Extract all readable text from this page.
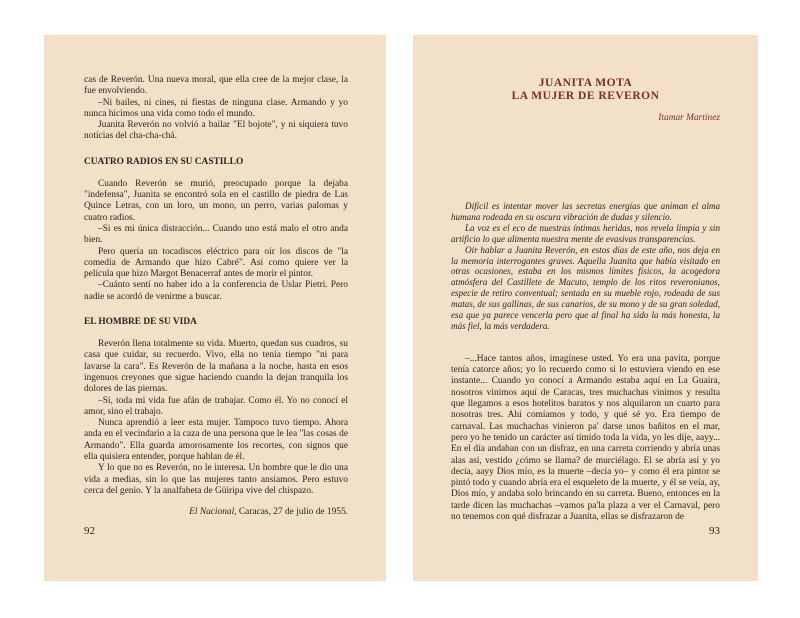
cas de Reverón. Una nueva moral, que ella cree de la mejor clase, la fue envolviendo.

–Ni bailes, ni cines, ni fiestas de ninguna clase. Armando y yo nunca hicimos una vida como todo el mundo.

Juanita Reverón no volvió a bailar "El bojote", y ni siquiera tuvo noticias del cha-cha-chá.

CUATRO RADIOS EN SU CASTILLO

Cuando Reverón se murió, preocupado porque la dejaba "indefensa", Juanita se encontró sola en el castillo de piedra de Las Quince Letras, con un loro, un mono, un perro, varias palomas y cuatro radios.

–Si es mi única distracción... Cuando uno está malo el otro anda bien.

Pero quería un tocadiscos eléctrico para oír los discos de "la comedia de Armando que hizo Cabré". Así como quiere ver la película que hizo Margot Benacerraf antes de morir el pintor.

–Cuánto sentí no haber ido a la conferencia de Uslar Pietri. Pero nadie se acordó de venirme a buscar.

EL HOMBRE DE SU VIDA

Reverón llena totalmente su vida. Muerto, quedan sus cuadros, su casa que cuidar, su recuerdo. Vivo, ella no tenía tiempo "ni para lavarse la cara". Es Reverón de la mañana a la noche, hasta en esos ingenuos creyones que sigue haciendo cuando la dejan tranquila los dolores de las piernas.

–Sí, toda mi vida fue afán de trabajar. Como él. Yo no conocí el amor, sino el trabajo.

Nunca aprendió a leer esta mujer. Tampoco tuvo tiempo. Ahora anda en el vecindario a la caza de una persona que le lea "las cosas de Armando". Ella guarda amorosamente los recortes, con signos que ella quisiera entender, porque hablan de él.

Y lo que no es Reverón, no le interesa. Un hombre que le dio una vida a medias, sin lo que las mujeres tanto ansiamos. Pero estuvo cerca del genio. Y la analfabeta de Güiripa vive del chispazo.

El Nacional, Caracas, 27 de julio de 1955.
92
JUANITA MOTA
LA MUJER DE REVERON
Itamar Martínez

Difícil es intentar mover las secretas energías que animan el alma humana rodeada en su oscura vibración de dudas y silencio.

La voz es el eco de nuestras íntimas heridas, nos revela limpia y sin artificio lo que alimenta nuestra mente de evasivas transparencias.

Oír hablar a Juanita Reverón, en estos días de este año, nos deja en la memoria interrogantes graves. Aquella Juanita que había visitado en otras ocasiones, estaba en los mismos límites físicos, la acogedora atmósfera del Castillete de Macuto, templo de los ritos reveronianos, especie de retiro conventual; sentada en su mueble rojo, rodeada de sus matas, de sus gallinas, de sus canarios, de su mono y de su gran soledad, esa que ya parece vencerla pero que al final ha sido la más honesta, la más fiel, la más verdadera.

–...Hace tantos años, imagínese usted. Yo era una pavita, porque tenía catorce años; yo lo recuerdo como si lo estuviera viendo en ese instante... Cuando yo conocí a Armando estaba aquí en La Guaira, nosotros vinimos aquí de Caracas, tres muchachas vinimos y resulta que llegamos a esos hotelitos baratos y nos alquilaron un cuarto para nosotras tres. Ahí comíamos y todo, y qué sé yo. Era tiempo de carnaval. Las muchachas vinieron pa' darse unos bañitos en el mar, pero yo he tenido un carácter así tímido toda la vida, yo les dije, aayy... En el día andaban con un disfraz, en una carreta corriendo y abría unas alas así, vestido ¿cómo se llama? de murciélago. El se abría así y yo decía, aayy Dios mío, es la muerte –decía yo– y como él era pintor se pintó todo y cuando abría era el esqueleto de la muerte, y él se veía, ay, Dios mío, y andaba solo brincando en su carreta. Bueno, entonces en la tarde dicen las muchachas –vamos pa'la plaza a ver el Carnaval, pero no tenemos con qué disfrazar a Juanita, ellas se disfrazaron de

93
